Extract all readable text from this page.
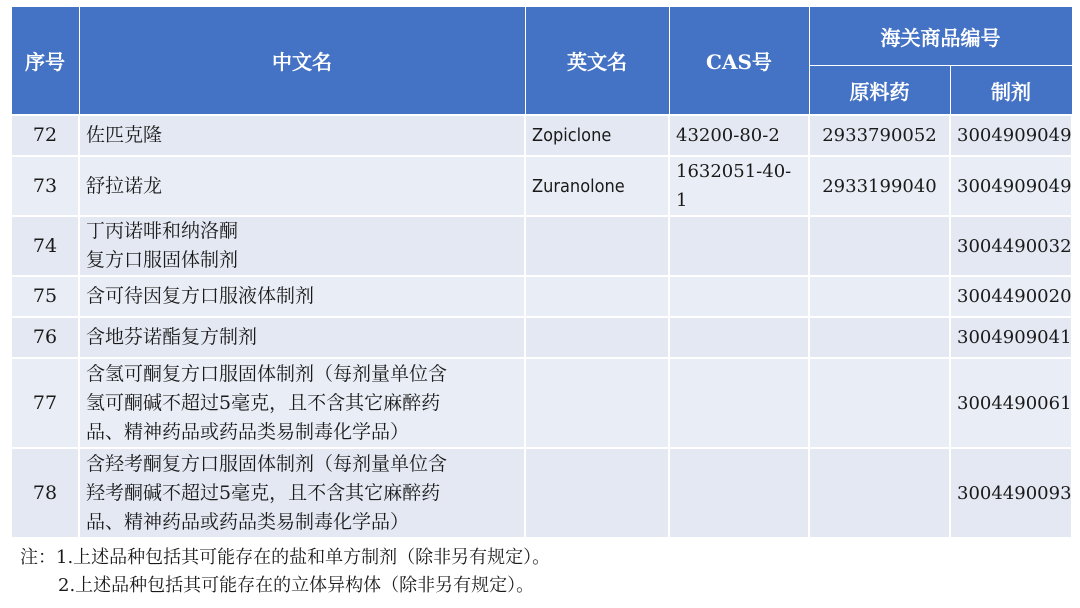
序号	中文名	英文名	CAS号	海关商品编号	
				原料药	制剂
72	佐匹克隆	Zopiclone	43200-80-2	2933790052	3004909049
73	舒拉诺龙	Zuranolone	1632051-40-1	2933199040	3004909049
74	丁丙诺啡和纳洛酮
复方口服固体制剂				3004490032
75	含可待因复方口服液体制剂				3004490020
76	含地芬诺酯复方制剂				3004909041
77	含氢可酮复方口服固体制剂（每剂量单位含
氢可酮碱不超过5毫克，且不含其它麻醉药
品、精神药品或药品类易制毒化学品）				3004490061
78	含羟考酮复方口服固体制剂（每剂量单位含
羟考酮碱不超过5毫克，且不含其它麻醉药
品、精神药品或药品类易制毒化学品）				3004490093
注：1.上述品种包括其可能存在的盐和单方制剂（除非另有规定）。
2.上述品种包括其可能存在的立体异构体（除非另有规定）。
